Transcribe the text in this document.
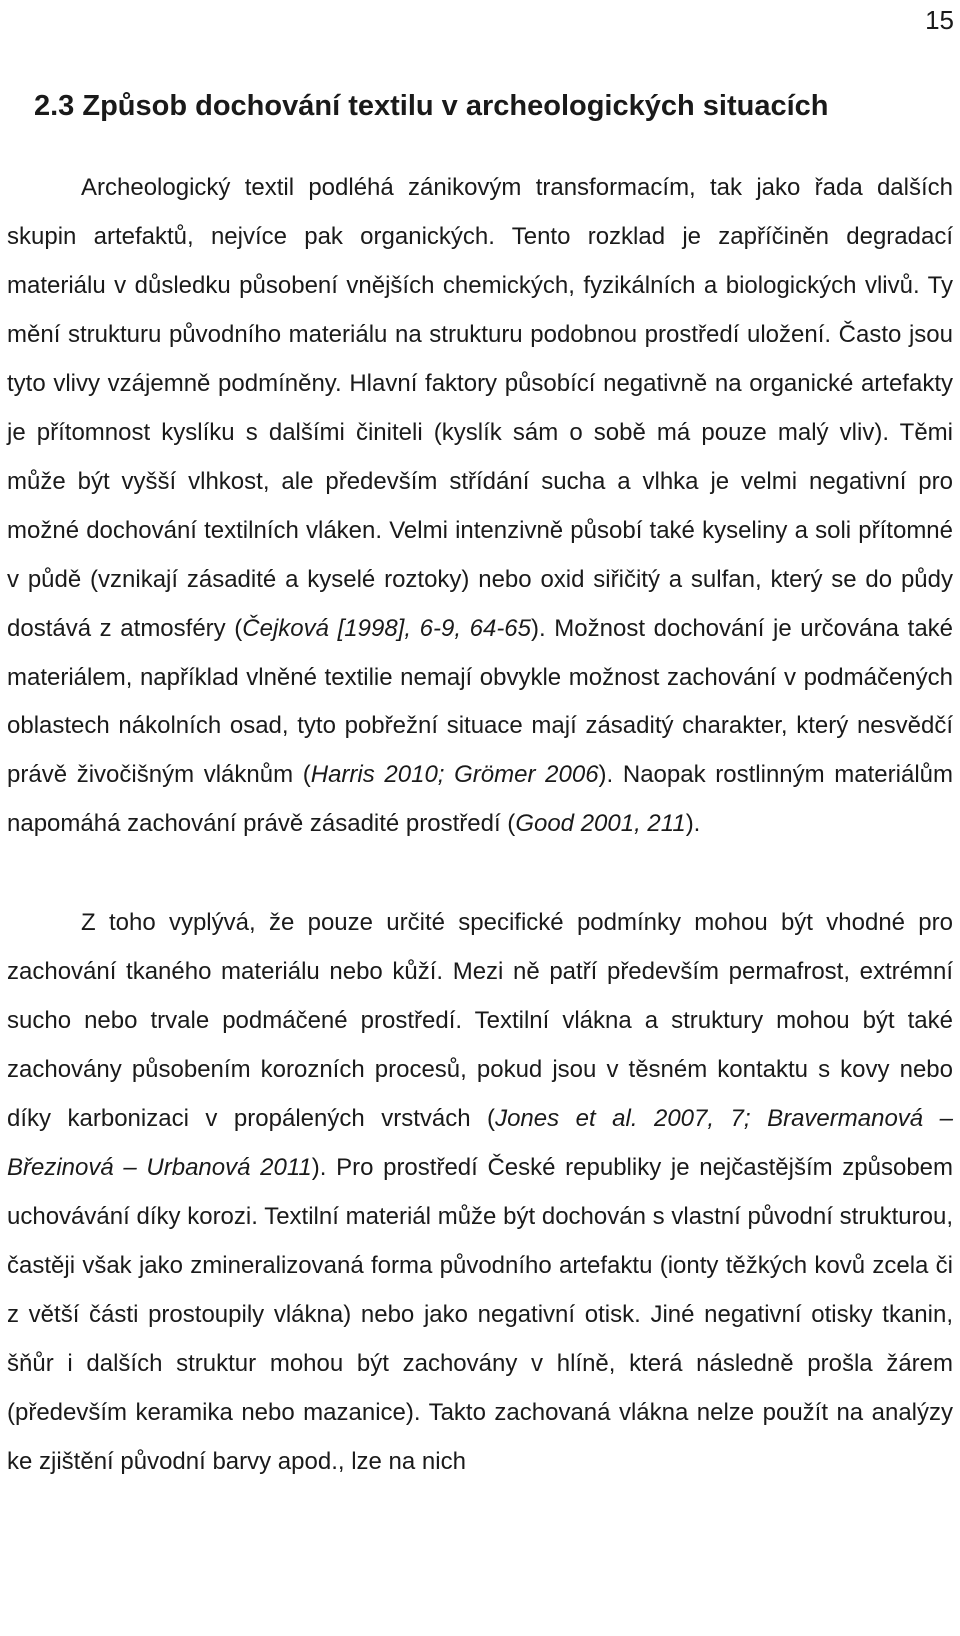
15
2.3 Způsob dochování textilu v archeologických situacích

Archeologický textil podléhá zánikovým transformacím, tak jako řada dalších skupin artefaktů, nejvíce pak organických. Tento rozklad je zapříčiněn degradací materiálu v důsledku působení vnějších chemických, fyzikálních a biologických vlivů. Ty mění strukturu původního materiálu na strukturu podobnou prostředí uložení. Často jsou tyto vlivy vzájemně podmíněny. Hlavní faktory působící negativně na organické artefakty je přítomnost kyslíku s dalšími činiteli (kyslík sám o sobě má pouze malý vliv). Těmi může být vyšší vlhkost, ale především střídání sucha a vlhka je velmi negativní pro možné dochování textilních vláken. Velmi intenzivně působí také kyseliny a soli přítomné v půdě (vznikají zásadité a kyselé roztoky) nebo oxid siřičitý a sulfan, který se do půdy dostává z atmosféry (Čejková [1998], 6-9, 64-65). Možnost dochování je určována také materiálem, například vlněné textilie nemají obvykle možnost zachování v podmáčených oblastech nákolních osad, tyto pobřežní situace mají zásaditý charakter, který nesvědčí právě živočišným vláknům (Harris 2010; Grömer 2006). Naopak rostlinným materiálům napomáhá zachování právě zásadité prostředí (Good 2001, 211).

Z toho vyplývá, že pouze určité specifické podmínky mohou být vhodné pro zachování tkaného materiálu nebo kůží. Mezi ně patří především permafrost, extrémní sucho nebo trvale podmáčené prostředí. Textilní vlákna a struktury mohou být také zachovány působením korozních procesů, pokud jsou v těsném kontaktu s kovy nebo díky karbonizaci v propálených vrstvách (Jones et al. 2007, 7; Bravermanová – Březinová – Urbanová 2011). Pro prostředí České republiky je nejčastějším způsobem uchovávání díky korozi. Textilní materiál může být dochován s vlastní původní strukturou, častěji však jako zmineralizovaná forma původního artefaktu (ionty těžkých kovů zcela či z větší části prostoupily vlákna) nebo jako negativní otisk. Jiné negativní otisky tkanin, šňůr i dalších struktur mohou být zachovány v hlíně, která následně prošla žárem (především keramika nebo mazanice). Takto zachovaná vlákna nelze použít na analýzy ke zjištění původní barvy apod., lze na nich
